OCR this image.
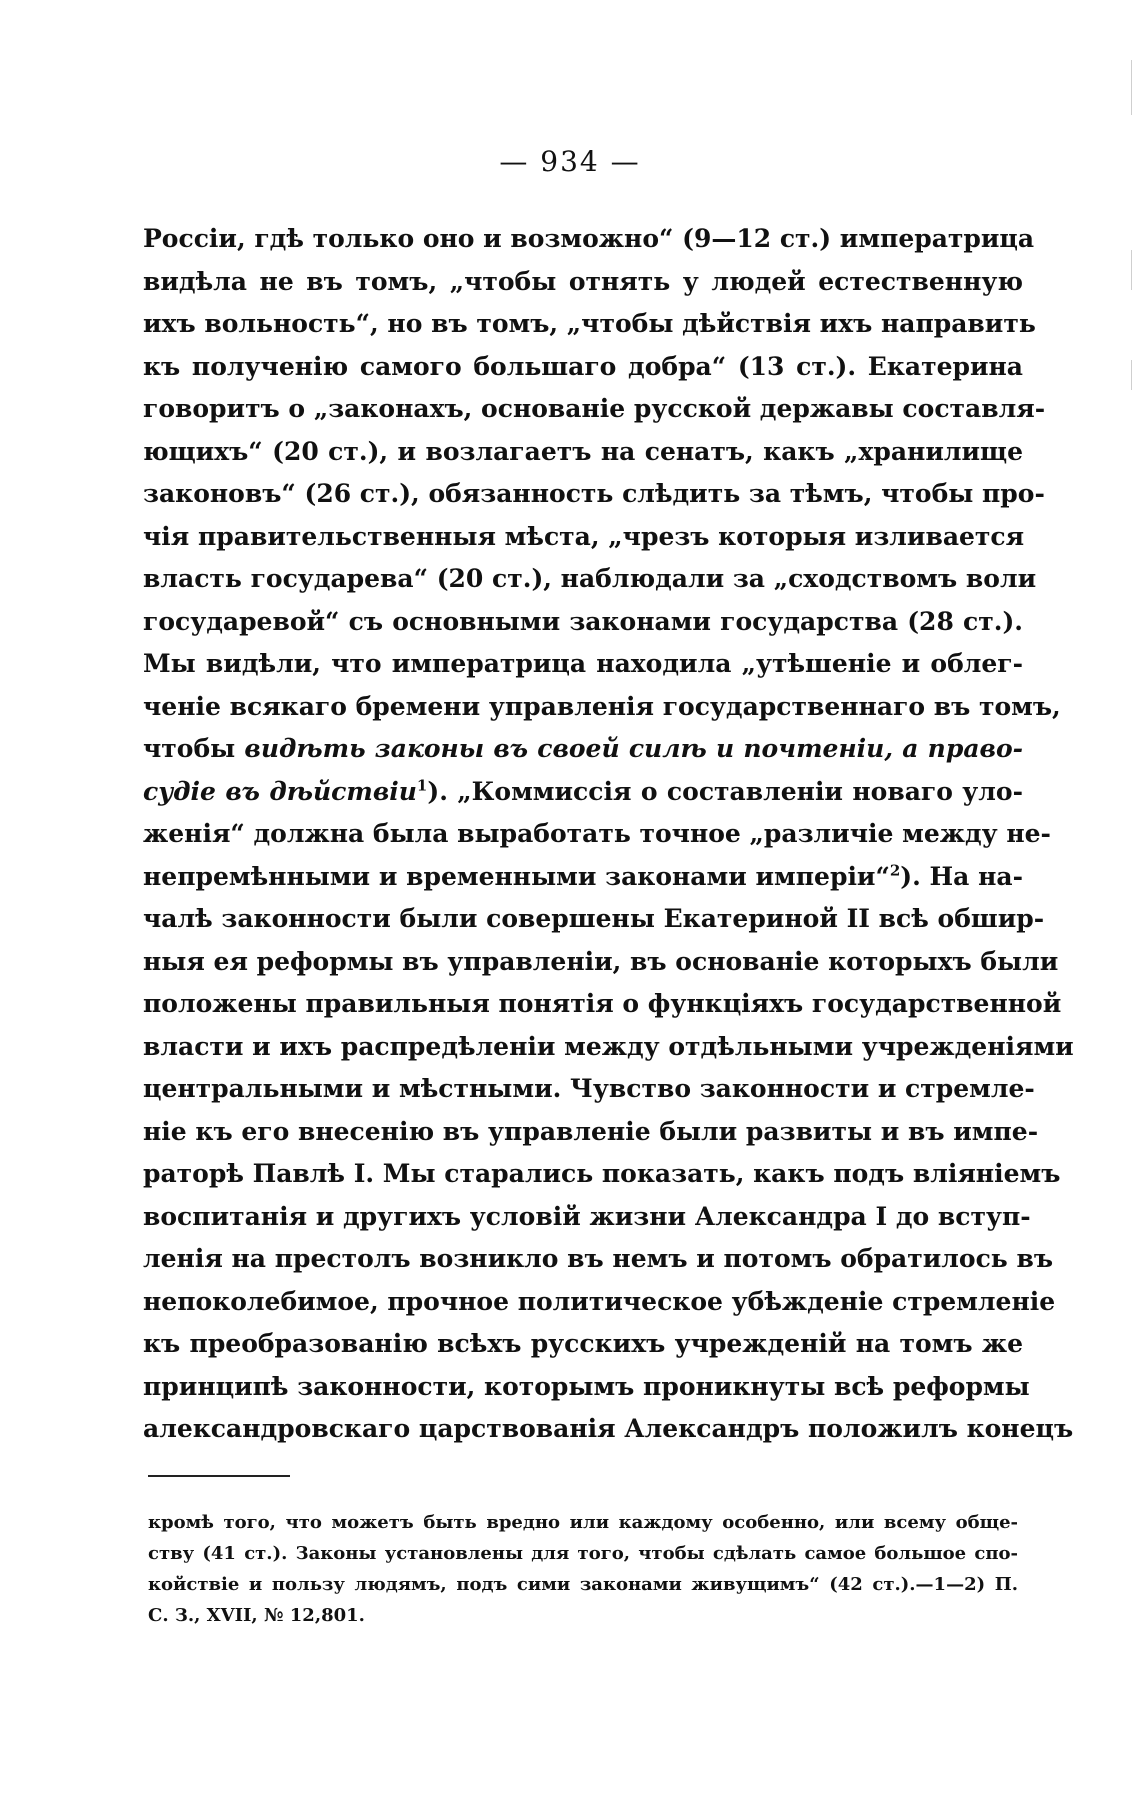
— 934 —
Россіи, гдѣ только оно и возможно“ (9—12 ст.) императрица
видѣла не въ томъ, „чтобы отнять у людей естественную
ихъ вольность“, но въ томъ, „чтобы дѣйствія ихъ направить
къ полученію самого большаго добра“ (13 ст.). Екатерина
говоритъ о „законахъ, основаніе русской державы составля-
ющихъ“ (20 ст.), и возлагаетъ на сенатъ, какъ „хранилище
законовъ“ (26 ст.), обязанность слѣдить за тѣмъ, чтобы про-
чія правительственныя мѣста, „чрезъ которыя изливается
власть государева“ (20 ст.), наблюдали за „сходствомъ воли
государевой“ съ основными законами государства (28 ст.).
Мы видѣли, что императрица находила „утѣшеніе и облег-
ченіе всякаго бремени управленія государственнаго въ томъ,
чтобы видѣть законы въ своей силѣ и почтеніи, а право-
судіе въ дѣйствіи$^1$). „Коммиссія о составленіи новаго уло-
женія“ должна была выработать точное „различіе между не-
непремѣнными и временными законами имперіи“$^2$). На на-
чалѣ законности были совершены Екатериной II всѣ обшир-
ныя ея реформы въ управленіи, въ основаніе которыхъ были
положены правильныя понятія о функціяхъ государственной
власти и ихъ распредѣленіи между отдѣльными учрежденіями
центральными и мѣстными. Чувство законности и стремле-
ніе къ его внесенію въ управленіе были развиты и въ импе-
раторѣ Павлѣ I. Мы старались показать, какъ подъ вліяніемъ
воспитанія и другихъ условій жизни Александра I до вступ-
ленія на престолъ возникло въ немъ и потомъ обратилось въ
непоколебимое, прочное политическое убѣжденіе стремленіе
къ преобразованію всѣхъ русскихъ учрежденій на томъ же
принципѣ законности, которымъ проникнуты всѣ реформы
александровскаго царствованія Александръ положилъ конецъ
кромѣ того, что можетъ быть вредно или каждому особенно, или всему обще-
ству (41 ст.). Законы установлены для того, чтобы сдѣлать самое большое спо-
койствіе и пользу людямъ, подъ сими законами живущимъ“ (42 ст.).—1—2) П.
С. З., XVII, № 12,801.
